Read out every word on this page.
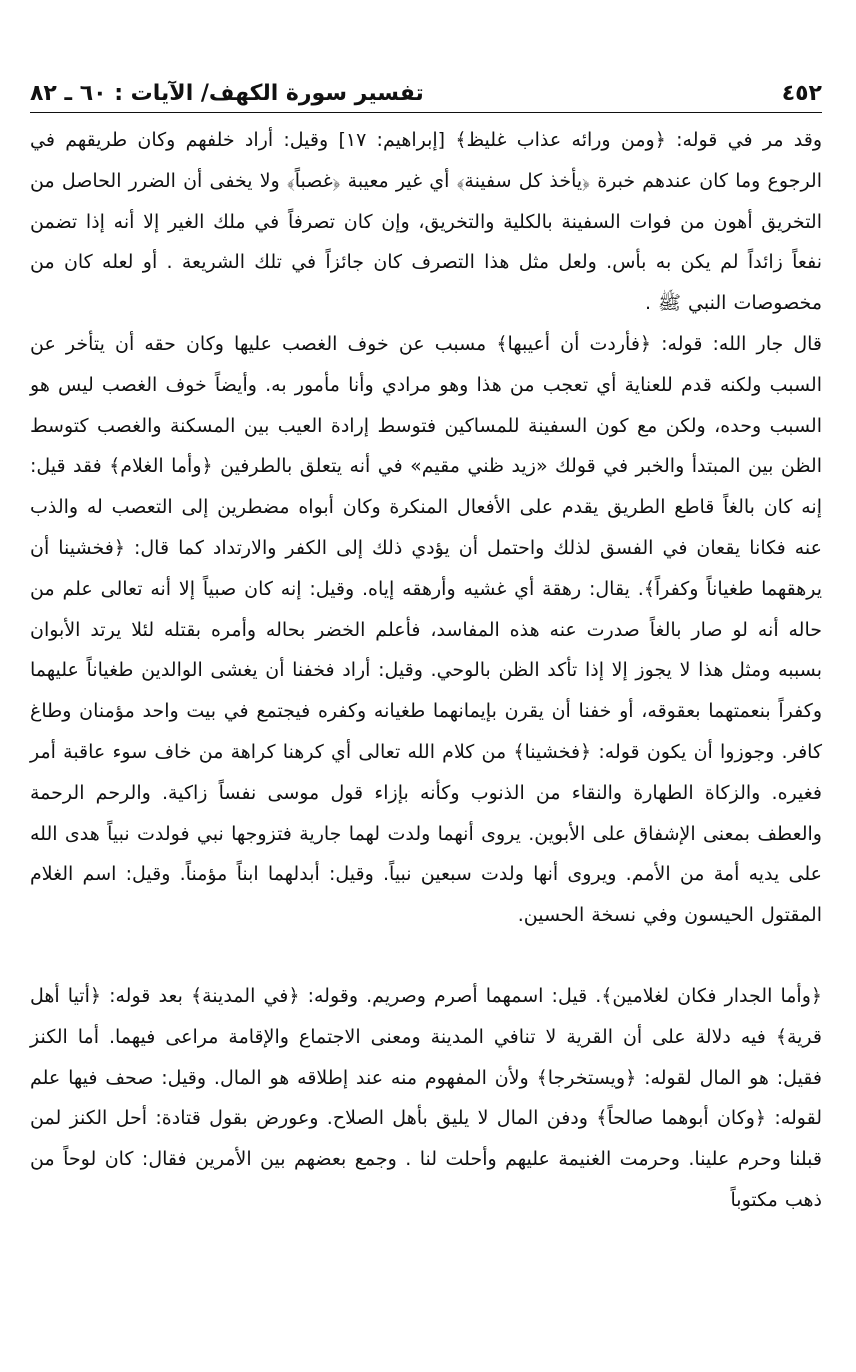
٤٥٢
تفسير سورة الكهف/ الآيات : ٦٠ ـ ٨٢

وقد مر في قوله: ﴿ومن ورائه عذاب غليظ﴾ [إبراهيم: ١٧] وقيل: أراد خلفهم وكان طريقهم في الرجوع وما كان عندهم خبرة ﴿يأخذ كل سفينة﴾ أي غير معيبة ﴿غصباً﴾ ولا يخفى أن الضرر الحاصل من التخريق أهون من فوات السفينة بالكلية والتخريق، وإن كان تصرفاً في ملك الغير إلا أنه إذا تضمن نفعاً زائداً لم يكن به بأس. ولعل مثل هذا التصرف كان جائزاً في تلك الشريعة . أو لعله كان من مخصوصات النبي ﷺ .

قال جار الله: قوله: ﴿فأردت أن أعيبها﴾ مسبب عن خوف الغصب عليها وكان حقه أن يتأخر عن السبب ولكنه قدم للعناية أي تعجب من هذا وهو مرادي وأنا مأمور به. وأيضاً خوف الغصب ليس هو السبب وحده، ولكن مع كون السفينة للمساكين فتوسط إرادة العيب بين المسكنة والغصب كتوسط الظن بين المبتدأ والخبر في قولك «زيد ظني مقيم» في أنه يتعلق بالطرفين ﴿وأما الغلام﴾ فقد قيل: إنه كان بالغاً قاطع الطريق يقدم على الأفعال المنكرة وكان أبواه مضطرين إلى التعصب له والذب عنه فكانا يقعان في الفسق لذلك واحتمل أن يؤدي ذلك إلى الكفر والارتداد كما قال: ﴿فخشينا أن يرهقهما طغياناً وكفراً﴾. يقال: رهقة أي غشيه وأرهقه إياه. وقيل: إنه كان صبياً إلا أنه تعالى علم من حاله أنه لو صار بالغاً صدرت عنه هذه المفاسد، فأعلم الخضر بحاله وأمره بقتله لئلا يرتد الأبوان بسببه ومثل هذا لا يجوز إلا إذا تأكد الظن بالوحي. وقيل: أراد فخفنا أن يغشى الوالدين طغياناً عليهما وكفراً بنعمتهما بعقوقه، أو خفنا أن يقرن بإيمانهما طغيانه وكفره فيجتمع في بيت واحد مؤمنان وطاغ كافر. وجوزوا أن يكون قوله: ﴿فخشينا﴾ من كلام الله تعالى أي كرهنا كراهة من خاف سوء عاقبة أمر فغيره. والزكاة الطهارة والنقاء من الذنوب وكأنه بإزاء قول موسى نفساً زاكية. والرحم الرحمة والعطف بمعنى الإشفاق على الأبوين. يروى أنهما ولدت لهما جارية فتزوجها نبي فولدت نبياً هدى الله على يديه أمة من الأمم. ويروى أنها ولدت سبعين نبياً. وقيل: أبدلهما ابناً مؤمناً. وقيل: اسم الغلام المقتول الحيسون وفي نسخة الحسين.

﴿وأما الجدار فكان لغلامين﴾. قيل: اسمهما أصرم وصريم. وقوله: ﴿في المدينة﴾ بعد قوله: ﴿أتيا أهل قرية﴾ فيه دلالة على أن القرية لا تنافي المدينة ومعنى الاجتماع والإقامة مراعى فيهما. أما الكنز فقيل: هو المال لقوله: ﴿ويستخرجا﴾ ولأن المفهوم منه عند إطلاقه هو المال. وقيل: صحف فيها علم لقوله: ﴿وكان أبوهما صالحاً﴾ ودفن المال لا يليق بأهل الصلاح. وعورض بقول قتادة: أحل الكنز لمن قبلنا وحرم علينا. وحرمت الغنيمة عليهم وأحلت لنا . وجمع بعضهم بين الأمرين فقال: كان لوحاً من ذهب مكتوباً
